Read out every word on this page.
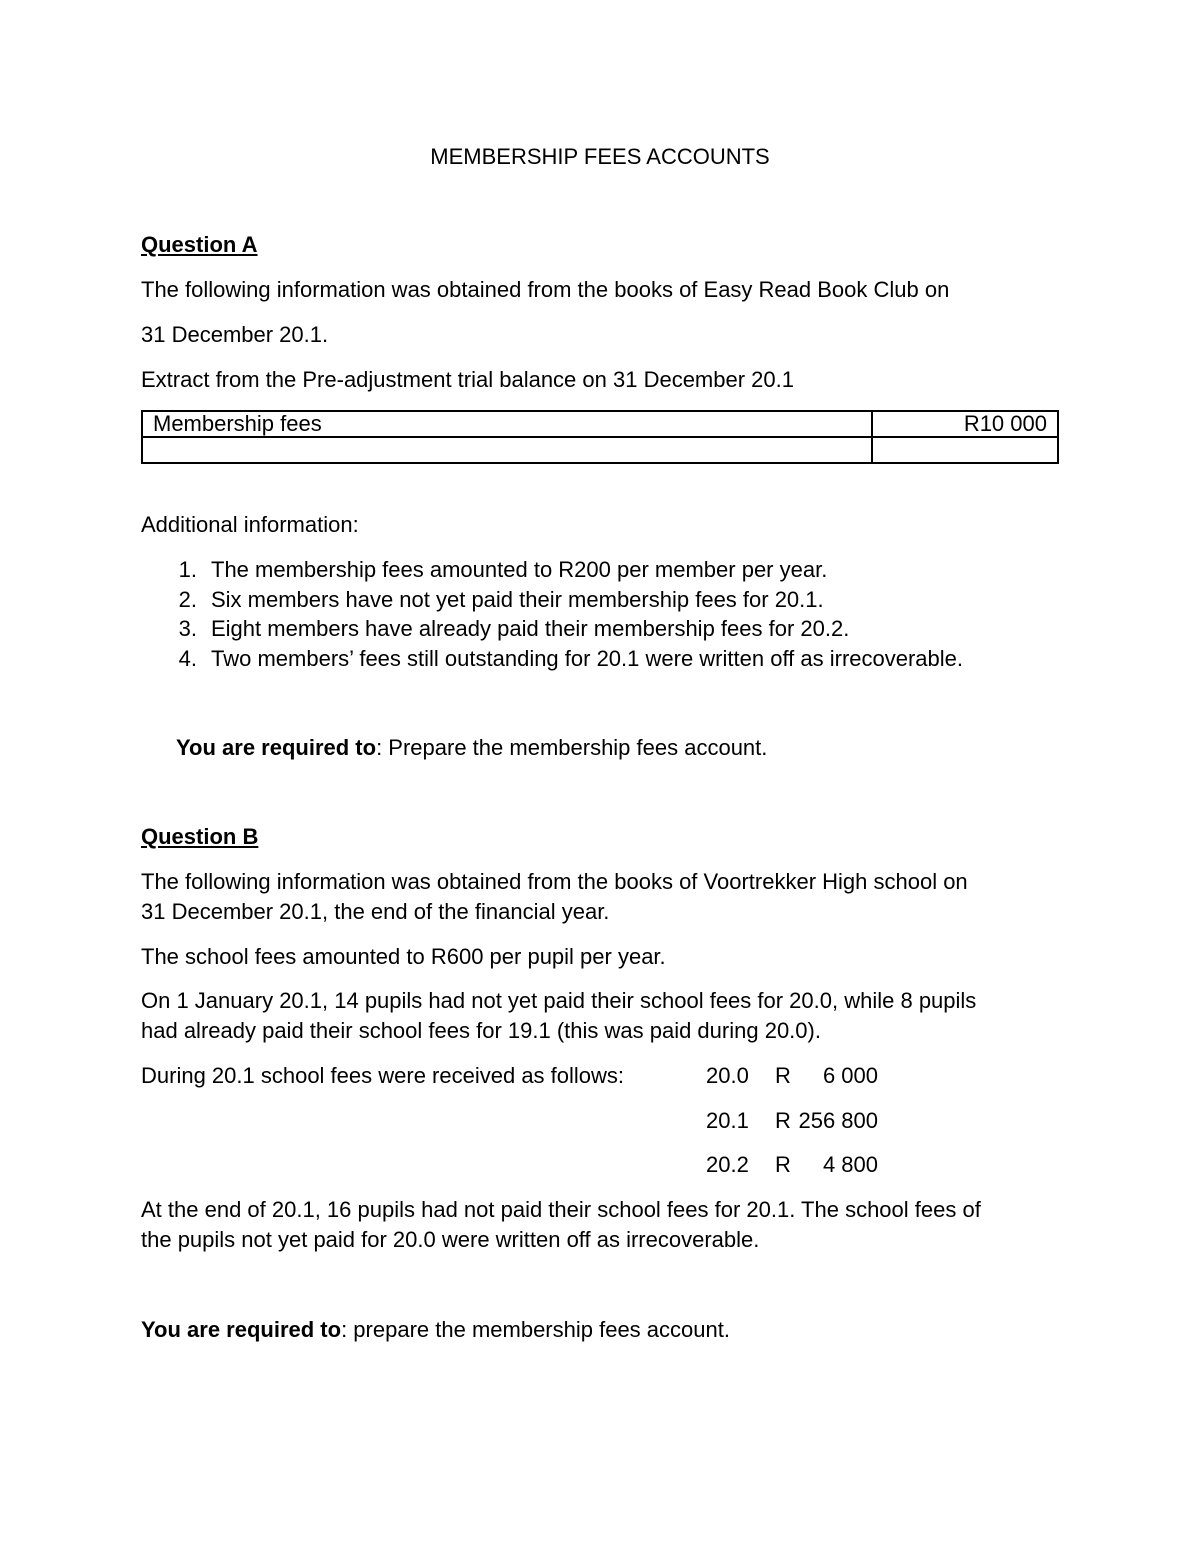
MEMBERSHIP FEES ACCOUNTS
Question A
The following information was obtained from the books of Easy Read Book Club on
31 December 20.1.
Extract from the Pre-adjustment trial balance on 31 December 20.1
Membership fees	R10 000

Additional information:
1. The membership fees amounted to R200 per member per year.
2. Six members have not yet paid their membership fees for 20.1.
3. Eight members have already paid their membership fees for 20.2.
4. Two members’ fees still outstanding for 20.1 were written off as irrecoverable.
You are required to: Prepare the membership fees account.
Question B
The following information was obtained from the books of Voortrekker High school on
31 December 20.1, the end of the financial year.
The school fees amounted to R600 per pupil per year.
On 1 January 20.1, 14 pupils had not yet paid their school fees for 20.0, while 8 pupils
had already paid their school fees for 19.1 (this was paid during 20.0).
During 20.1 school fees were received as follows:	20.0 R	6 000
20.1 R 256 800
20.2 R	4 800
At the end of 20.1, 16 pupils had not paid their school fees for 20.1. The school fees of
the pupils not yet paid for 20.0 were written off as irrecoverable.
You are required to: prepare the membership fees account.
